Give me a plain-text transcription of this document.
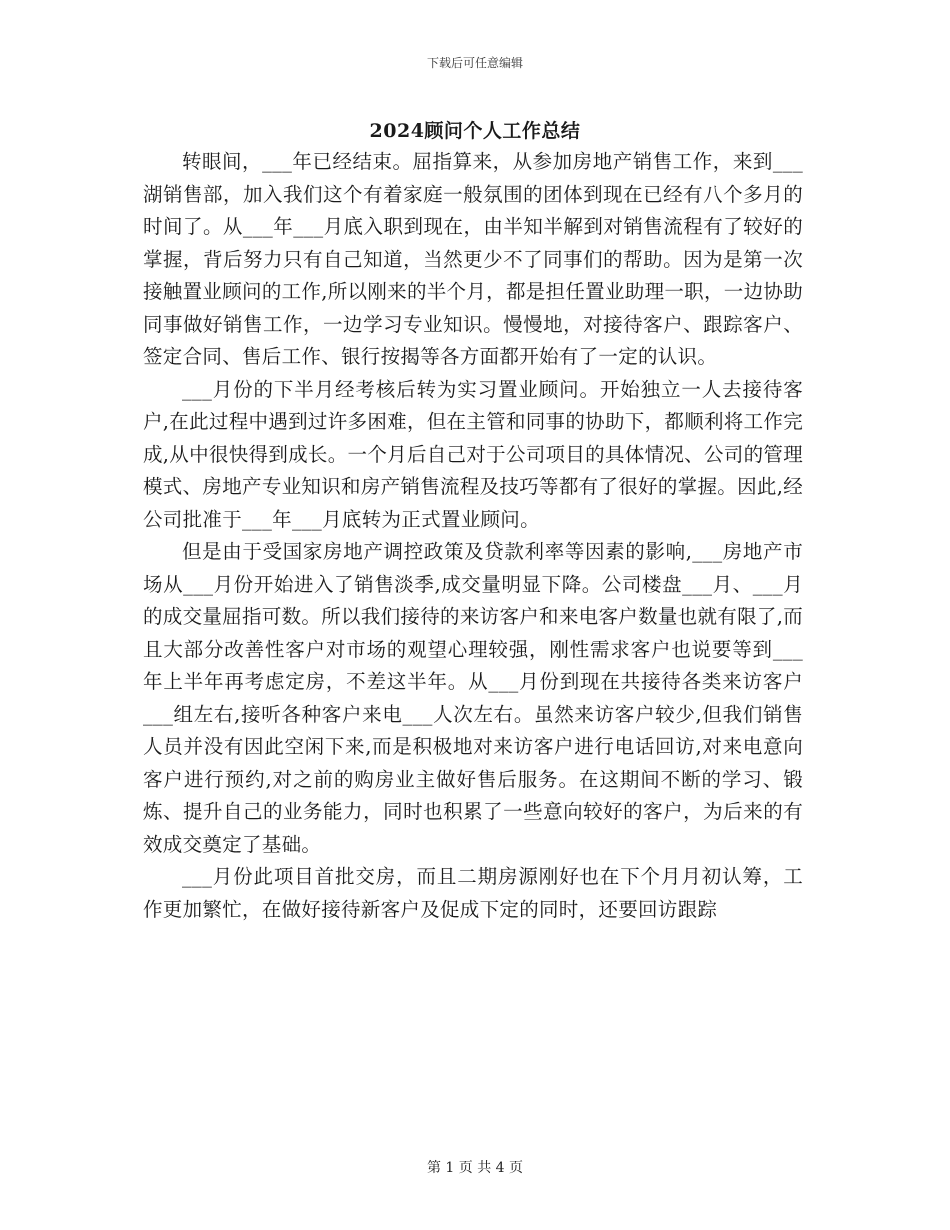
下载后可任意编辑
2024顾问个人工作总结

转眼间，___年已经结束。屈指算来，从参加房地产销售工作，来到___湖销售部，加入我们这个有着家庭一般氛围的团体到现在已经有八个多月的时间了。从___年___月底入职到现在，由半知半解到对销售流程有了较好的掌握，背后努力只有自己知道，当然更少不了同事们的帮助。因为是第一次接触置业顾问的工作,所以刚来的半个月，都是担任置业助理一职，一边协助同事做好销售工作，一边学习专业知识。慢慢地，对接待客户、跟踪客户、签定合同、售后工作、银行按揭等各方面都开始有了一定的认识。

___月份的下半月经考核后转为实习置业顾问。开始独立一人去接待客户,在此过程中遇到过许多困难，但在主管和同事的协助下，都顺利将工作完成,从中很快得到成长。一个月后自己对于公司项目的具体情况、公司的管理模式、房地产专业知识和房产销售流程及技巧等都有了很好的掌握。因此,经公司批准于___年___月底转为正式置业顾问。

但是由于受国家房地产调控政策及贷款利率等因素的影响,___房地产市场从___月份开始进入了销售淡季,成交量明显下降。公司楼盘___月、___月的成交量屈指可数。所以我们接待的来访客户和来电客户数量也就有限了,而且大部分改善性客户对市场的观望心理较强，刚性需求客户也说要等到___年上半年再考虑定房，不差这半年。从___月份到现在共接待各类来访客户___组左右,接听各种客户来电___人次左右。虽然来访客户较少,但我们销售人员并没有因此空闲下来,而是积极地对来访客户进行电话回访,对来电意向客户进行预约,对之前的购房业主做好售后服务。在这期间不断的学习、锻炼、提升自己的业务能力，同时也积累了一些意向较好的客户，为后来的有效成交奠定了基础。

___月份此项目首批交房，而且二期房源刚好也在下个月月初认筹，工作更加繁忙，在做好接待新客户及促成下定的同时，还要回访跟踪

第 1 页 共 4 页
